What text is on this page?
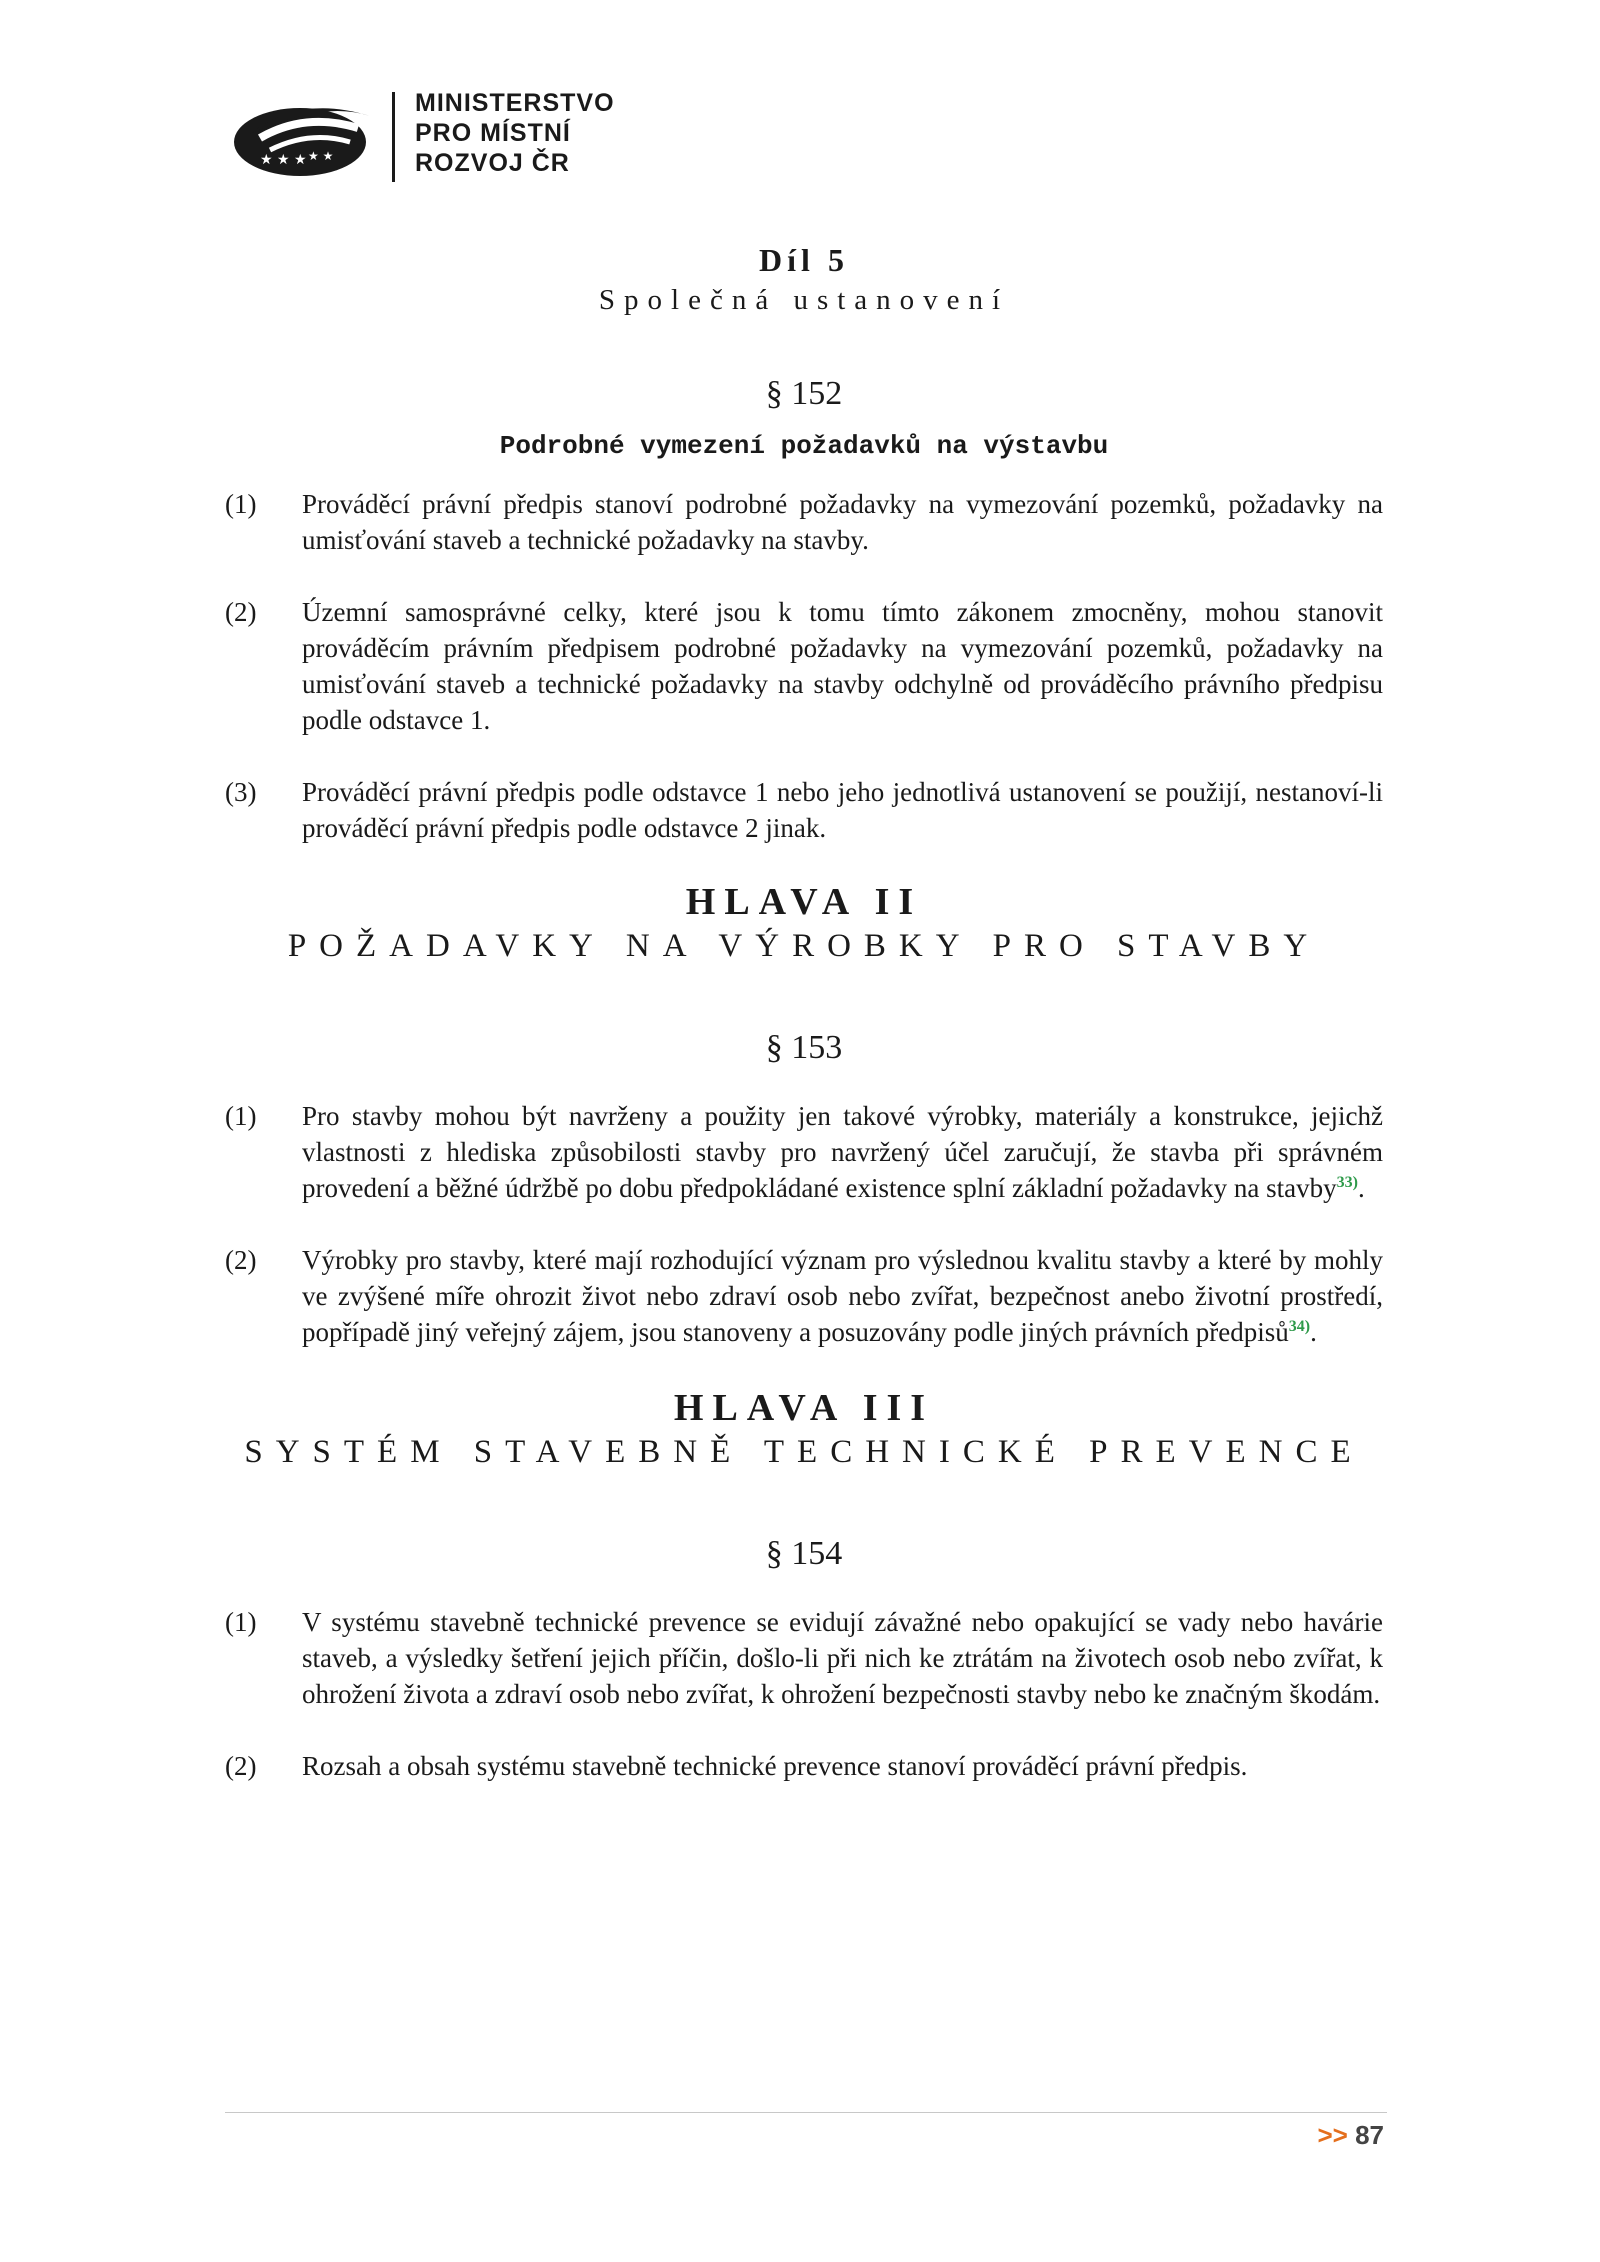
★ ★ ★ ★ ★
MINISTERSTVO
PRO MÍSTNÍ
ROZVOJ ČR

Díl 5

Společná ustanovení

§ 152

Podrobné vymezení požadavků na výstavbu

(1)	Prováděcí právní předpis stanoví podrobné požadavky na vymezování pozemků, požadavky na umisťování staveb a technické požadavky na stavby.
(2)	Územní samosprávné celky, které jsou k tomu tímto zákonem zmocněny, mohou stanovit prováděcím právním předpisem podrobné požadavky na vymezování pozemků, požadavky na umisťování staveb a technické požadavky na stavby odchylně od prováděcího právního předpisu podle odstavce 1.
(3)	Prováděcí právní předpis podle odstavce 1 nebo jeho jednotlivá ustanovení se použijí, nestanoví-li prováděcí právní předpis podle odstavce 2 jinak.

HLAVA II

POŽADAVKY NA VÝROBKY PRO STAVBY

§ 153

(1)	Pro stavby mohou být navrženy a použity jen takové výrobky, materiály a konstrukce, jejichž vlastnosti z hlediska způsobilosti stavby pro navržený účel zaručují, že stavba při správném provedení a běžné údržbě po dobu předpokládané existence splní základní požadavky na stavby$^{33)}$.
(2)	Výrobky pro stavby, které mají rozhodující význam pro výslednou kvalitu stavby a které by mohly ve zvýšené míře ohrozit život nebo zdraví osob nebo zvířat, bezpečnost anebo životní prostředí, popřípadě jiný veřejný zájem, jsou stanoveny a posuzovány podle jiných právních předpisů$^{34)}$.

HLAVA III

SYSTÉM STAVEBNĚ TECHNICKÉ PREVENCE

§ 154

(1)	V systému stavebně technické prevence se evidují závažné nebo opakující se vady nebo havárie staveb, a výsledky šetření jejich příčin, došlo-li při nich ke ztrátám na životech osob nebo zvířat, k ohrožení života a zdraví osob nebo zvířat, k ohrožení bezpečnosti stavby nebo ke značným škodám.
(2)	Rozsah a obsah systému stavebně technické prevence stanoví prováděcí právní předpis.
>> 87
